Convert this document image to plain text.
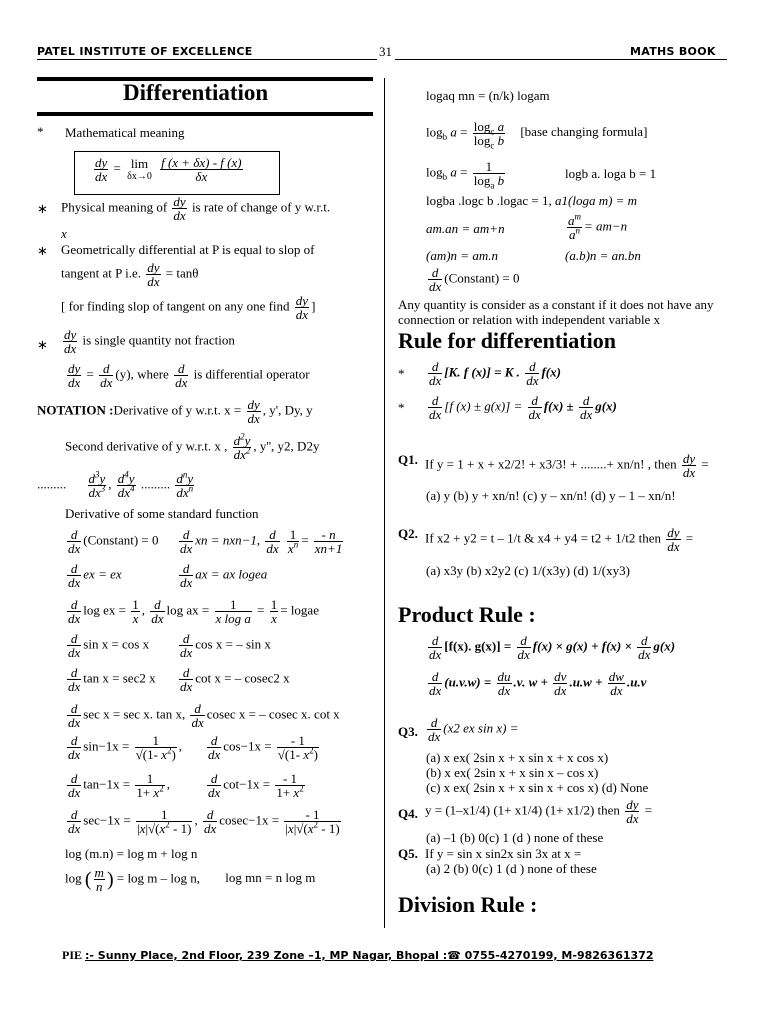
PATEL INSTITUTE OF EXCELLENCE	31	MATHS BOOK
Differentiation
* Mathematical meaning
$\frac{dy}{dx} = \lim$
δx→0
$\frac{f (x + \delta x) - f (x)}{\delta x}$
∗ Physical meaning of $\frac{dy}{dx}$ is rate of change of y w.r.t.
x
∗ Geometrically differential at P is equal to slop of
tangent at P i.e. $\frac{dy}{dx} = \tan\theta$
[ for finding slop of tangent on any one find $\frac{dy}{dx}$ ]
∗ $\frac{dy}{dx}$ is single quantity not fraction
$\frac{dy}{dx} = \frac{d}{dx} (y)$, where $\frac{d}{dx}$ is differential operator
NOTATION :Derivative of y w.r.t. $x = \frac{dy}{dx}$ , y', Dy, y
Second derivative of y w.r.t. x , $\frac{d^2y}{dx^2}$ , y'', y2, D2y
......... $\frac{d^3y}{dx^3}$ , $\frac{d^4y}{dx^4}$ ......... $\frac{d^ny}{dx^n}$
Derivative of some standard function
$\frac{d}{dx}$ (Constant) = $0 \frac{d}{dx}$ xn = nxn−1, $\frac{d}{dx}$
$\frac{1}{x^n} = \frac{- n}{xn+1}$
$\frac{d}{dx}$ ex = ex	$\frac{d}{dx}$ ax = ax logea
$\frac{d}{dx}$ log ex = $\frac{1}{x}$ , $\frac{d}{dx}$ log ax = $\frac{1}{\text{x log a}} = \frac{1}{x}$ = logae
$\frac{d}{dx}$ sin x = cos x $\frac{d}{dx}$ cos x = – sin x
$\frac{d}{dx}$ tan x = sec2 x $\frac{d}{dx}$ cot x = – cosec2 x
$\frac{d}{dx}$ sec x = sec x. tan x, $\frac{d}{dx}$ cosec x = – cosec x. cot x
$\frac{d}{dx} \sin-1x = \frac{1}{√(1- x^2)}$ , $\frac{d}{dx} \cos-1x = \frac{- 1}{√(1- x^2)}$
$\frac{d}{dx} \tan-1x = \frac{1}{1+ x^2}$ ,	$\frac{d}{dx} \cot-1x = \frac{- 1}{1+ x^2}$
$\frac{d}{dx} \sec-1x = \frac{1}{|x|√(x^2 - 1)}$ , $\frac{d}{dx} cosec-1x = \frac{- 1}{|x|√(x^2 - 1)}$
log (m.n) = log m + log n
log ( $\frac{m}{n}$ ) = log m – log n, log mn = n log m
logaq mn = (n/k) logam
$\log_b a = \frac{\log_c a}{\log_c b}$ [base changing formula]
$\log_b a = \frac{1}{\log_a b}$	logb a. loga b = 1
logba .logc b .logac = 1, a1(loga m) = m
am.an = am+n	$\frac{a^m}{a^n} = am-n$
(am)n = am.n	(a.b)n = an.bn
$\frac{d}{dx}$ (Constant) = 0
Any quantity is consider as a constant if it does not have any connection or relation with independent variable x
Rule for differentiation
* $\frac{d}{dx} [K$. f (x)] = K . $\frac{d}{dx} f(x)$
* $\frac{d}{dx} [f$ $(x) \pm g(x)] = \frac{d}{dx} f(x) \pm \frac{d}{dx} g(x)$
Q1. If y = 1 + x + x2/2! + x3/3! + ........+ xn/n! , then $\frac{dy}{dx}$ =
(a) y (b) y + xn/n! (c) y – xn/n! (d) y – 1 – xn/n!
Q2. If x2 + y2 = t – 1/t & x4 + y4 = t2 + 1/t2 then $\frac{dy}{dx}$ =
(a) x3y (b) x2y2 (c) 1/(x3y) (d) 1/(xy3)
Product Rule :
$\frac{d}{dx} [f(x)$. $g(x)] = \frac{d}{dx} f(x) \times g(x) + f(x) \times \frac{d}{dx} g(x)$
$\frac{d}{dx} (u.v.w) = \frac{du}{dx} .v$. $w + \frac{dv}{dx} .u.w + \frac{dw}{dx} .u.v$
Q3. $\frac{d}{dx} (x2$ ex sin x) =
(a) x ex( 2sin x + x sin x + x cos x)
(b) x ex( 2sin x + x sin x – cos x)
(c) x ex( 2sin x + x sin x + cos x) (d) None
Q4. y = (1–x1/4) (1+ x1/4) (1+ x1/2) then $\frac{dy}{dx}$ =
(a) –1 (b) 0(c) 1 (d ) none of these
Q5. If y = sin x sin2x sin 3x at x =
(a) 2 (b) 0(c) 1 (d ) none of these
Division Rule :
PIE :- Sunny Place, 2nd Floor, 239 Zone –1, MP Nagar, Bhopal :☎ 0755-4270199, M-9826361372
